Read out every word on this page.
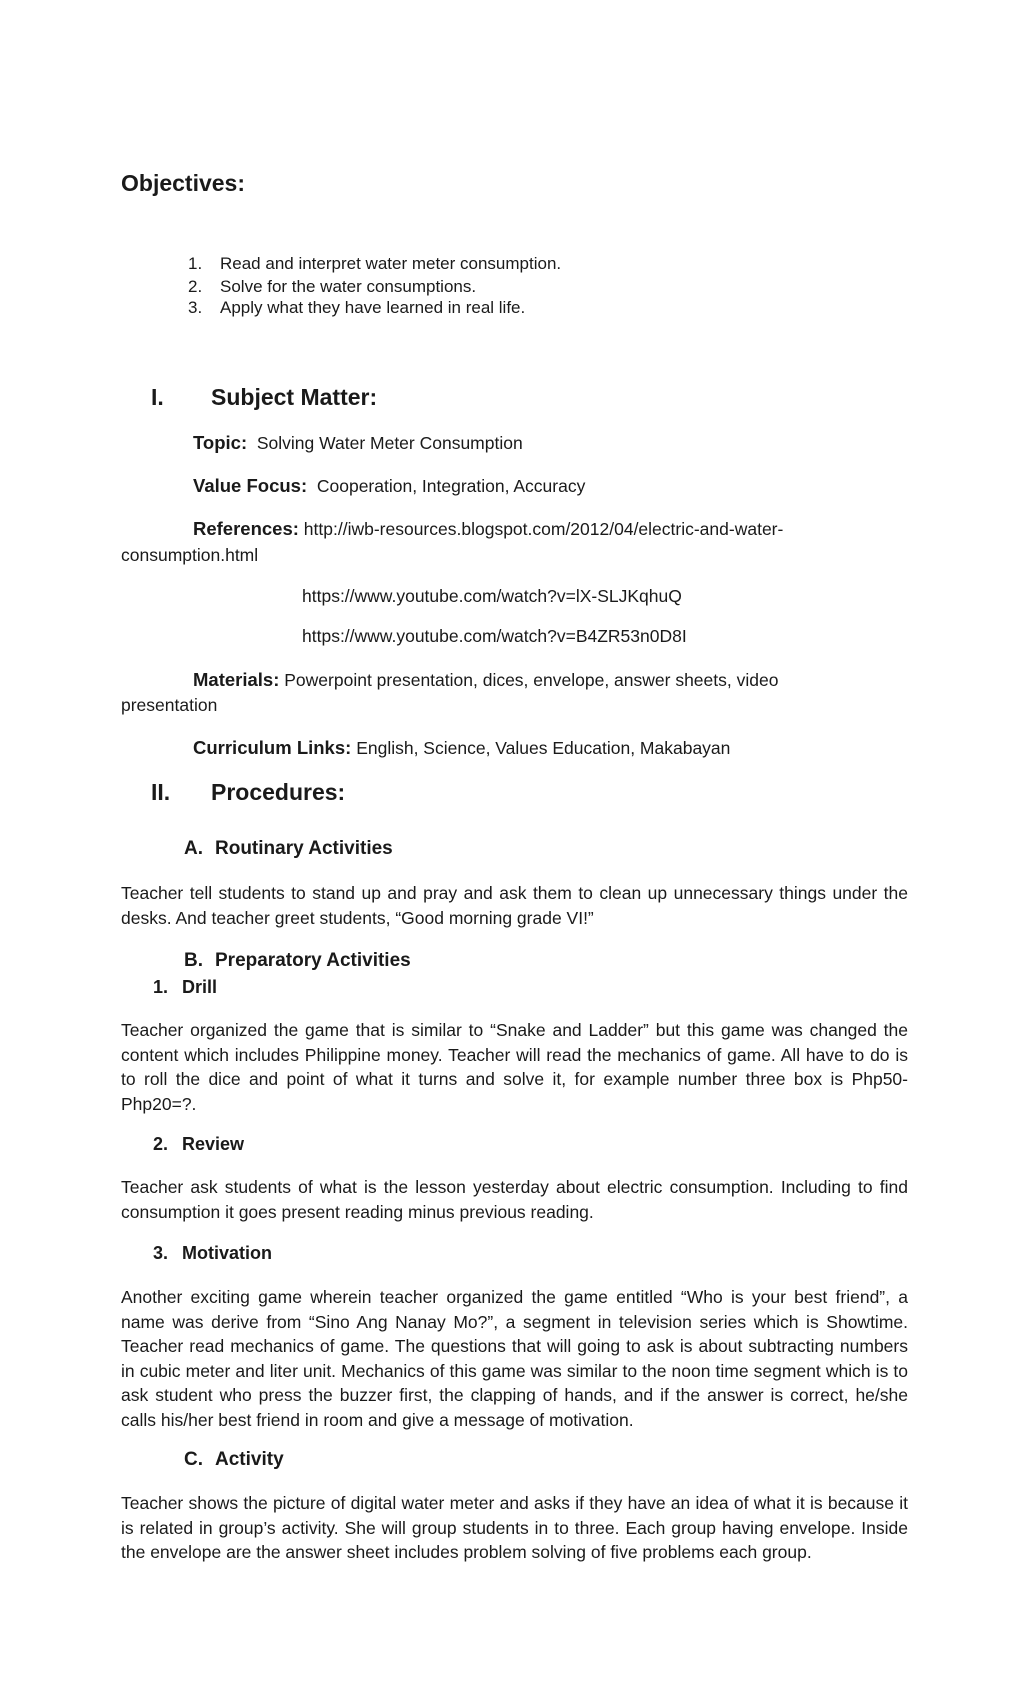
Objectives:
1. Read and interpret water meter consumption.
2. Solve for the water consumptions.
3. Apply what they have learned in real life.
I. Subject Matter:
Topic: Solving Water Meter Consumption
Value Focus: Cooperation, Integration, Accuracy
References: http://iwb-resources.blogspot.com/2012/04/electric-and-water-
consumption.html
https://www.youtube.com/watch?v=lX-SLJKqhuQ
https://www.youtube.com/watch?v=B4ZR53n0D8I
Materials: Powerpoint presentation, dices, envelope, answer sheets, video
presentation
Curriculum Links: English, Science, Values Education, Makabayan
II. Procedures:
A. Routinary Activities
Teacher tell students to stand up and pray and ask them to clean up unnecessary things under the desks. And teacher greet students, “Good morning grade VI!”
B. Preparatory Activities
1. Drill
Teacher organized the game that is similar to “Snake and Ladder” but this game was changed the content which includes Philippine money. Teacher will read the mechanics of game. All have to do is to roll the dice and point of what it turns and solve it, for example number three box is Php50-Php20=?.
2. Review
Teacher ask students of what is the lesson yesterday about electric consumption. Including to find consumption it goes present reading minus previous reading.
3. Motivation
Another exciting game wherein teacher organized the game entitled “Who is your best friend”, a name was derive from “Sino Ang Nanay Mo?”, a segment in television series which is Showtime. Teacher read mechanics of game. The questions that will going to ask is about subtracting numbers in cubic meter and liter unit. Mechanics of this game was similar to the noon time segment which is to ask student who press the buzzer first, the clapping of hands, and if the answer is correct, he/she calls his/her best friend in room and give a message of motivation.
C. Activity
Teacher shows the picture of digital water meter and asks if they have an idea of what it is because it is related in group’s activity. She will group students in to three. Each group having envelope. Inside the envelope are the answer sheet includes problem solving of five problems each group.
